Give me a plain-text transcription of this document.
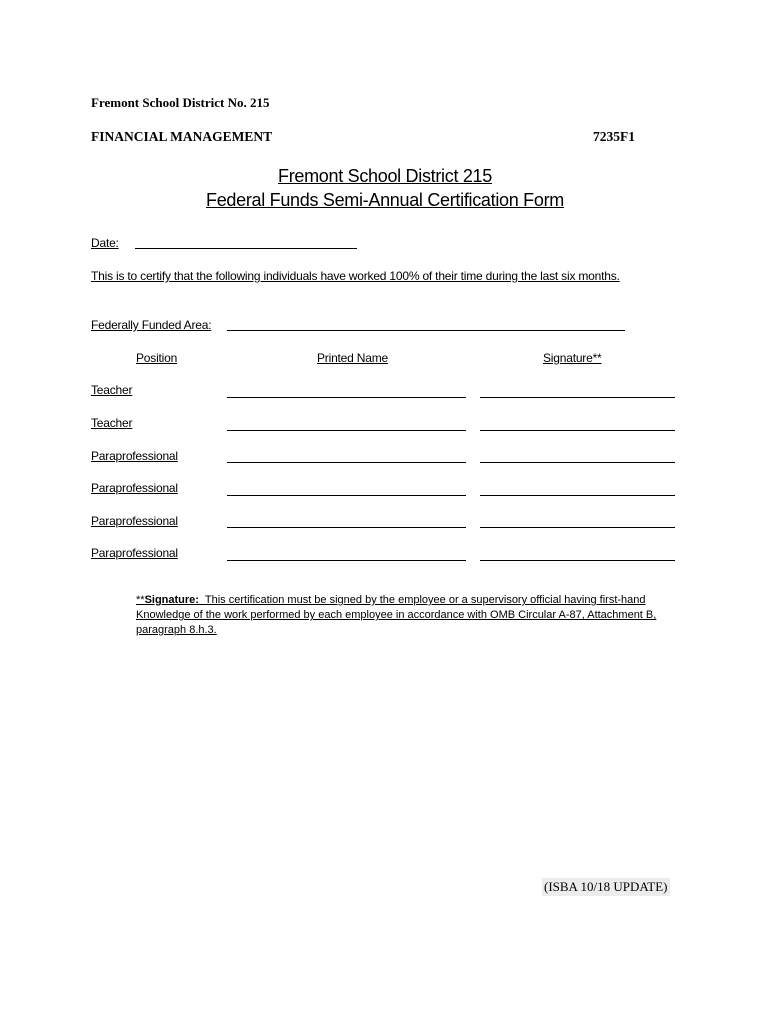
Fremont School District No. 215
FINANCIAL MANAGEMENT	7235F1
Fremont School District 215
Federal Funds Semi-Annual Certification Form
Date:
This is to certify that the following individuals have worked 100% of their time during the last six months.
Federally Funded Area:
Position	Printed Name	Signature**
Teacher
Teacher
Paraprofessional
Paraprofessional
Paraprofessional
Paraprofessional
**Signature: This certification must be signed by the employee or a supervisory official having first-hand Knowledge of the work performed by each employee in accordance with OMB Circular A-87, Attachment B, paragraph 8.h.3.
(ISBA 10/18 UPDATE)
